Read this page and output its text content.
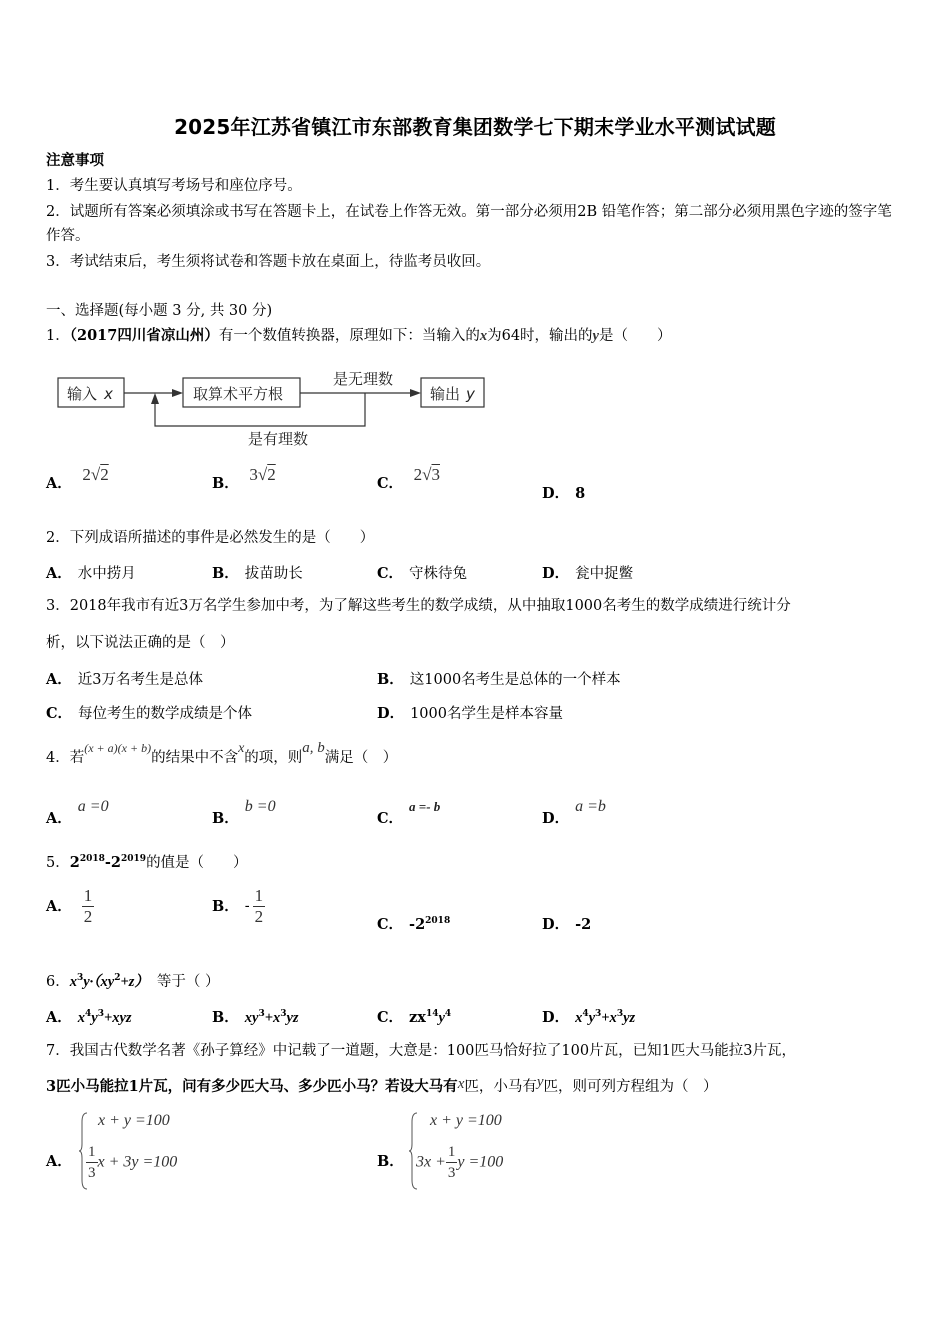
2025年江苏省镇江市东部教育集团数学七下期末学业水平测试试题
注意事项
1．考生要认真填写考场号和座位序号。
2．试题所有答案必须填涂或书写在答题卡上，在试卷上作答无效。第一部分必须用2B 铅笔作答；第二部分必须用黑色字迹的签字笔作答。
3．考试结束后，考生须将试卷和答题卡放在桌面上，待监考员收回。
一、选择题(每小题 3 分, 共 30 分)
1．（2017四川省凉山州）有一个数值转换器，原理如下：当输入的x为64时，输出的y是（　　）
输入 x	取算术平方根
是无理数
输出 y
是有理数
A． 2√2	B． 3√2	C． 2√3
D． 8
2．下列成语所描述的事件是必然发生的是（　　）
A． 水中捞月	B． 拔苗助长	C． 守株待兔	D． 瓮中捉鳖
3．2018年我市有近3万名学生参加中考，为了解这些考生的数学成绩，从中抽取1000名考生的数学成绩进行统计分
析，以下说法正确的是（　）
A． 近3万名考生是总体	B． 这1000名考生是总体的一个样本
C． 每位考生的数学成绩是个体	D． 1000名学生是样本容量
4．若$^{(x + a)(x + b)}$的结果中不含x的项，则a, b满足（　）
A．a =0
B．b =0
C．a =- b
D．a =b
5．$2^{2018}-2^{2019}$的值是（　　）
A． $\frac{1}{2}$	B． - $\frac{1}{2}$	C． $-2^{2018}$	D． -2
6．$x^3y\cdot(xy^2+z)$ 等于（ ）
A． $x^4y^3+xyz$	B． $xy^3+x^3yz$	C． $zx^{14}y^4$	D． $x^4y^3+x^3yz$
7．我国古代数学名著《孙子算经》中记载了一道题，大意是：100匹马恰好拉了100片瓦，已知1匹大马能拉3片瓦，
3匹小马能拉1片瓦，问有多少匹大马、多少匹小马？若设大马有x匹，小马有y匹，则可列方程组为（　）
A．
x + y =100
$\frac{1}{3}$ x + 3y =100	B．
x + y =100
$3x + \frac{1}{3}$ y =100
